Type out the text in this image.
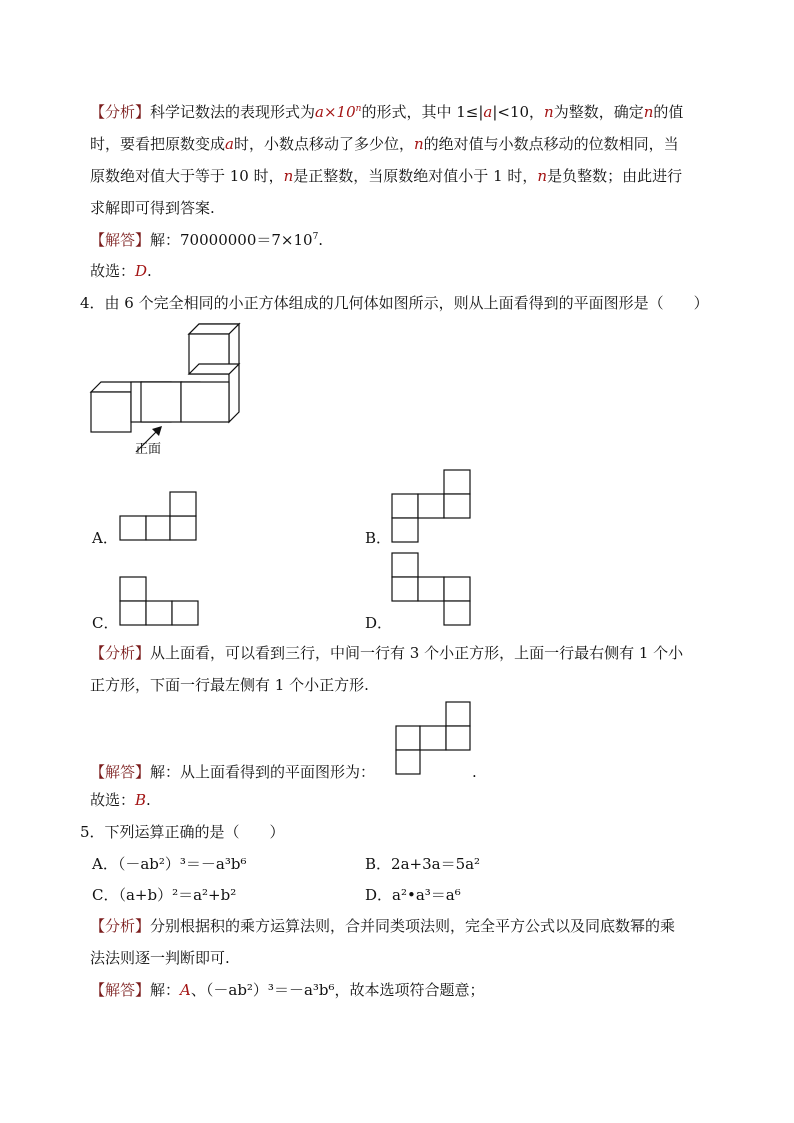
【分析】科学记数法的表现形式为$a\times 10^n$的形式，其中 1≤|a|<10，n为整数，确定n的值
时，要看把原数变成a时，小数点移动了多少位，n的绝对值与小数点移动的位数相同，当
原数绝对值大于等于 10 时，n是正整数，当原数绝对值小于 1 时，n是负整数；由此进行
求解即可得到答案.
【解答】解：$70000000=7\times 10^7$.
故选：D.
4．由 6 个完全相同的小正方体组成的几何体如图所示，则从上面看得到的平面图形是（　　）
正面
A．	B．
C．	D．
【分析】从上面看，可以看到三行，中间一行有 3 个小正方形，上面一行最右侧有 1 个小
正方形，下面一行最左侧有 1 个小正方形.
【解答】解：从上面看得到的平面图形为：	.
故选：B.
5．下列运算正确的是（　　）
A．（－ab²）³＝－a³b⁶	B．2a+3a＝5a²
C．（a+b）²＝a²+b²	D．a²•a³＝a⁶
【分析】分别根据积的乘方运算法则，合并同类项法则，完全平方公式以及同底数幂的乘
法法则逐一判断即可.
【解答】解：A、（－ab²）³＝－a³b⁶，故本选项符合题意；
